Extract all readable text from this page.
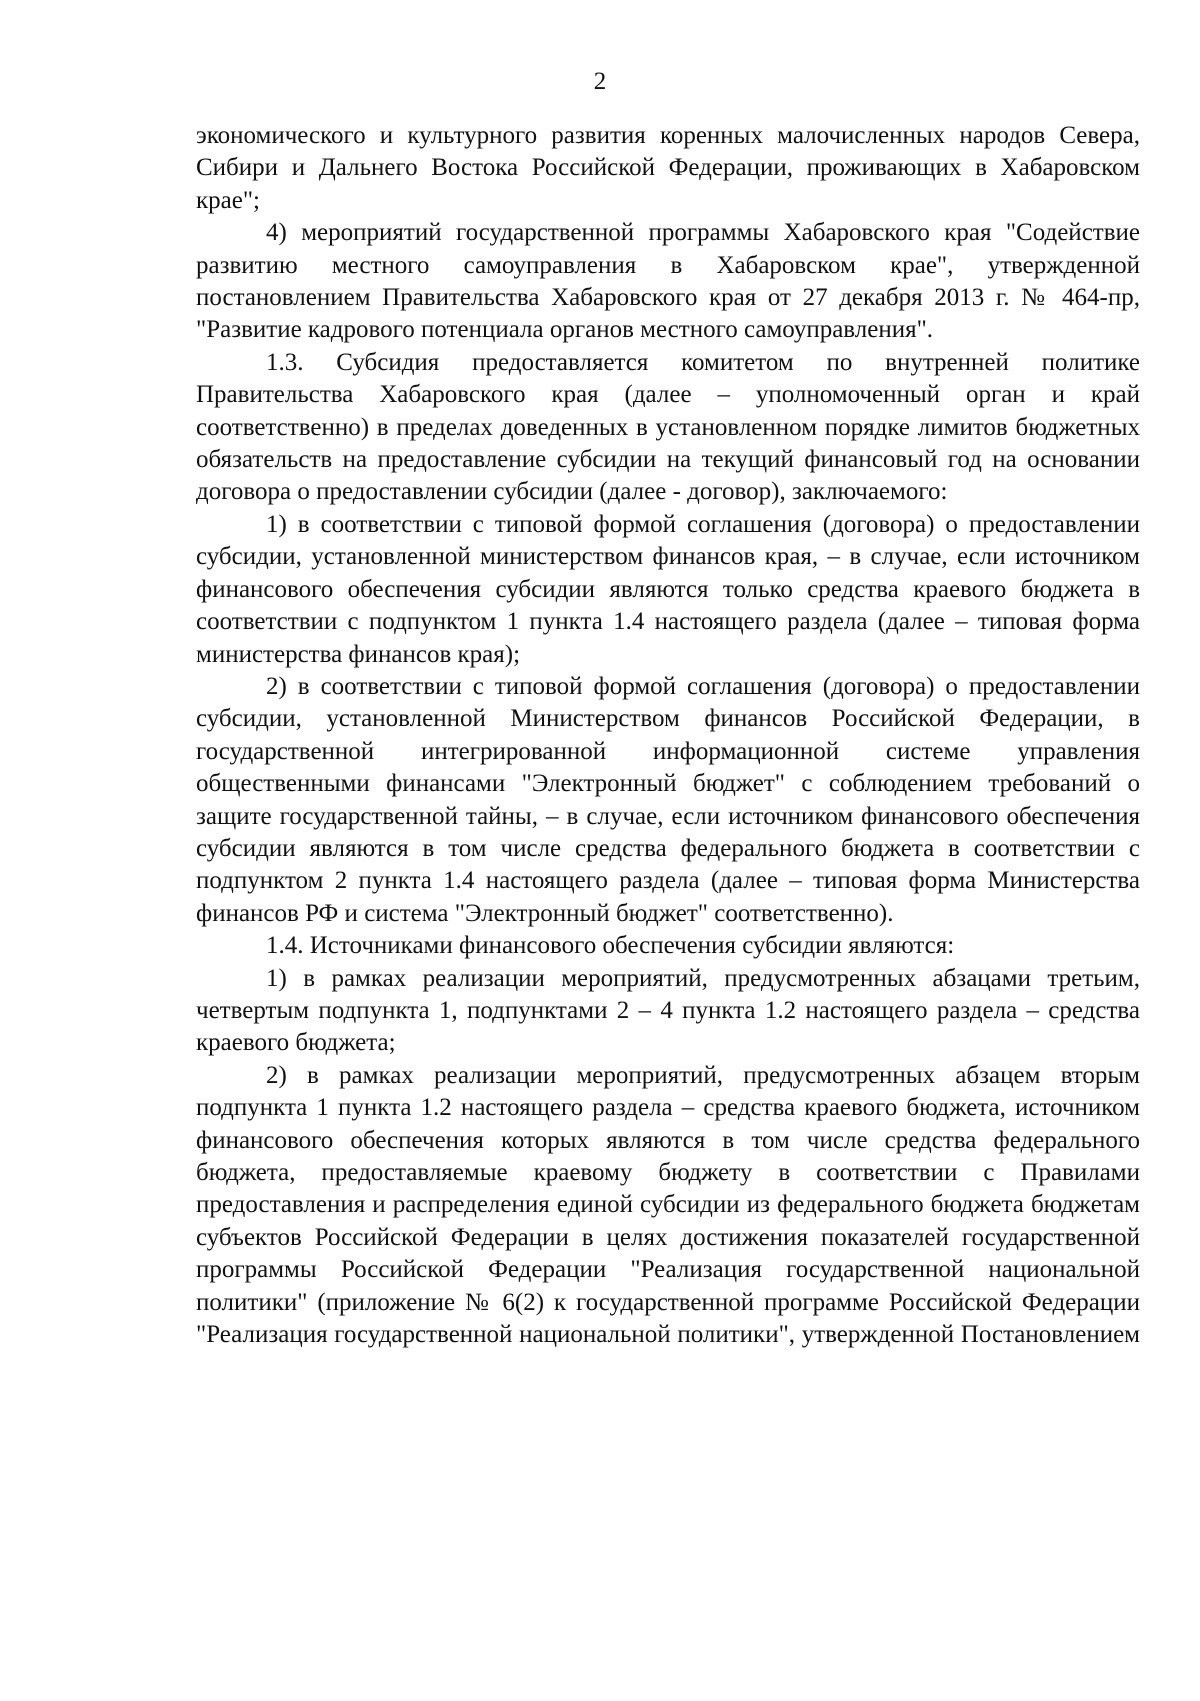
2

экономического и культурного развития коренных малочисленных народов Севера, Сибири и Дальнего Востока Российской Федерации, проживающих в Хабаровском крае";

4) мероприятий государственной программы Хабаровского края "Содействие развитию местного самоуправления в Хабаровском крае", утвержденной постановлением Правительства Хабаровского края от 27 декабря 2013 г. № 464-пр, "Развитие кадрового потенциала органов местного самоуправления".

1.3. Субсидия предоставляется комитетом по внутренней политике Правительства Хабаровского края (далее – уполномоченный орган и край соответственно) в пределах доведенных в установленном порядке лимитов бюджетных обязательств на предоставление субсидии на текущий финансовый год на основании договора о предоставлении субсидии (далее - договор), заключаемого:

1) в соответствии с типовой формой соглашения (договора) о предоставлении субсидии, установленной министерством финансов края, – в случае, если источником финансового обеспечения субсидии являются только средства краевого бюджета в соответствии с подпунктом 1 пункта 1.4 настоящего раздела (далее – типовая форма министерства финансов края);

2) в соответствии с типовой формой соглашения (договора) о предоставлении субсидии, установленной Министерством финансов Российской Федерации, в государственной интегрированной информационной системе управления общественными финансами "Электронный бюджет" с соблюдением требований о защите государственной тайны, – в случае, если источником финансового обеспечения субсидии являются в том числе средства федерального бюджета в соответствии с подпунктом 2 пункта 1.4 настоящего раздела (далее – типовая форма Министерства финансов РФ и система "Электронный бюджет" соответственно).

1.4. Источниками финансового обеспечения субсидии являются:

1) в рамках реализации мероприятий, предусмотренных абзацами третьим, четвертым подпункта 1, подпунктами 2 – 4 пункта 1.2 настоящего раздела – средства краевого бюджета;

2) в рамках реализации мероприятий, предусмотренных абзацем вторым подпункта 1 пункта 1.2 настоящего раздела – средства краевого бюджета, источником финансового обеспечения которых являются в том числе средства федерального бюджета, предоставляемые краевому бюджету в соответствии с Правилами предоставления и распределения единой субсидии из федерального бюджета бюджетам субъектов Российской Федерации в целях достижения показателей государственной программы Российской Федерации "Реализация государственной национальной политики" (приложение № 6(2) к государственной программе Российской Федерации "Реализация государственной национальной политики", утвержденной Постановлением
